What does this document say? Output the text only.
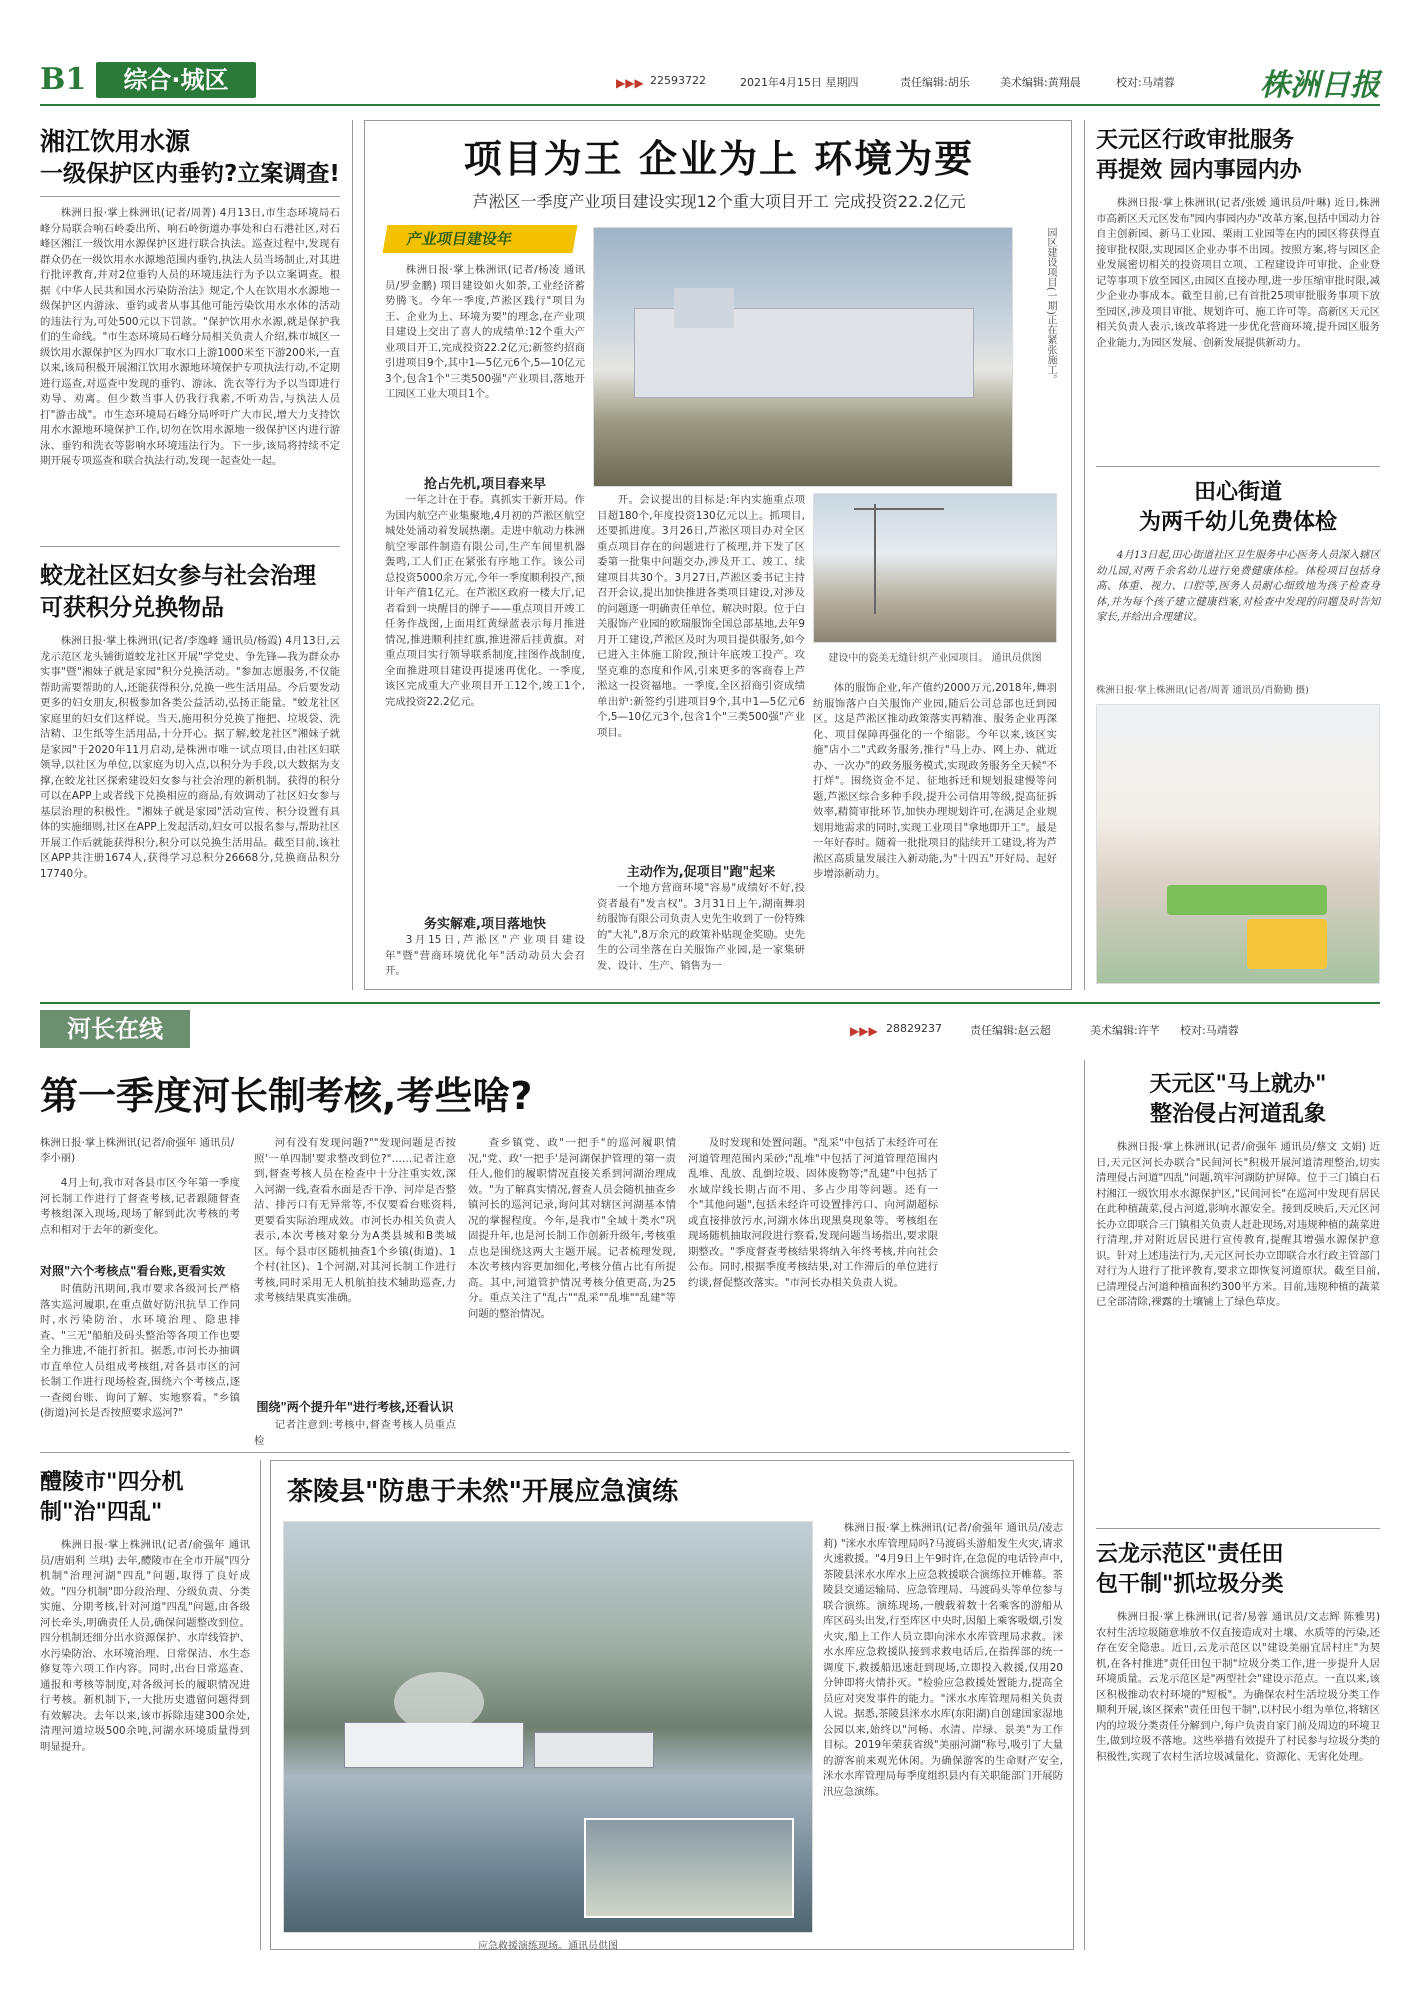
B1	综合·城区	▶▶▶ 22593722	2021年4月15日 星期四	责任编辑:胡乐	美术编辑:黄翔晨	校对:马靖蓉	株洲日报
湘江饮用水源
一级保护区内垂钓?立案调查!
株洲日报·掌上株洲讯(记者/周菁) 4月13日,市生态环境局石峰分局联合响石岭委出所、响石岭街道办事处和白石港社区,对石峰区湘江一级饮用水源保护区进行联合执法。巡查过程中,发现有群众仍在一级饮用水水源地范围内垂钓,执法人员当场制止,对其进行批评教育,并对2位垂钓人员的环境违法行为予以立案调查。根据《中华人民共和国水污染防治法》规定,个人在饮用水水源地一级保护区内游泳、垂钓或者从事其他可能污染饮用水水体的活动的违法行为,可处500元以下罚款。"保护饮用水水源,就是保护我们的生命线。"市生态环境局石峰分局相关负责人介绍,株市城区一级饮用水源保护区为四水厂取水口上游1000米至下游200米,一直以来,该局积极开展湘江饮用水源地环境保护专项执法行动,不定期进行巡查,对巡查中发现的垂钓、游泳、洗衣等行为予以当即进行劝导、劝离。但少数当事人仍我行我素,不听劝告,与执法人员打"游击战"。市生态环境局石峰分局呼吁广大市民,增大力支持饮用水水源地环境保护工作,切勿在饮用水源地一级保护区内进行游泳、垂钓和洗衣等影响水环境违法行为。下一步,该局将持续不定期开展专项巡查和联合执法行动,发现一起查处一起。
蛟龙社区妇女参与社会治理
可获积分兑换物品
株洲日报·掌上株洲讯(记者/李逸峰 通讯员/杨霞) 4月13日,云龙示范区龙头铺街道蛟龙社区开展"学党史、争先锋—我为群众办实事"暨"湘妹子就是家园"积分兑换活动。"参加志愿服务,不仅能帮助需要帮助的人,还能获得积分,兑换一些生活用品。今后要发动更多的妇女朋友,积极参加各类公益活动,弘扬正能量。"蛟龙社区家庭里的妇女们这样说。当天,施用积分兑换了拖把、垃圾袋、洗洁精、卫生纸等生活用品,十分开心。据了解,蛟龙社区"湘妹子就是家园"于2020年11月启动,是株洲市唯一试点项目,由社区妇联领导,以社区为单位,以家庭为切入点,以积分为手段,以大数据为支撑,在蛟龙社区探索建设妇女参与社会治理的新机制。获得的积分可以在APP上或者线下兑换相应的商品,有效调动了社区妇女参与基层治理的积极性。"湘妹子就是家园"活动宣传、积分设置有具体的实施细则,社区在APP上发起活动,妇女可以报名参与,帮助社区开展工作后就能获得积分,积分可以兑换生活用品。截至目前,该社区APP共注册1674人,获得学习总积分26668分,兑换商品积分17740分。
项目为王 企业为上 环境为要
芦淞区一季度产业项目建设实现12个重大项目开工 完成投资22.2亿元
产业项目建设年
株洲日报·掌上株洲讯(记者/杨凌 通讯员/罗金鹏) 项目建设如火如荼,工业经济蓄势腾飞。今年一季度,芦淞区践行"项目为王、企业为上、环境为要"的理念,在产业项目建设上交出了喜人的成绩单:12个重大产业项目开工,完成投资22.2亿元;新签约招商引进项目9个,其中1—5亿元6个,5—10亿元3个,包含1个"三类500强"产业项目,落地开工园区工业大项目1个。
园区建设项目(一期)正在紧张施工。
抢占先机,项目春来早
一年之计在于春。真抓实干新开局。作为国内航空产业集聚地,4月初的芦淞区航空城处处涌动着发展热潮。走进中航动力株洲航空零部件制造有限公司,生产车间里机器轰鸣,工人们正在紧张有序地工作。该公司总投资5000余万元,今年一季度顺利投产,预计年产值1亿元。在芦淞区政府一楼大厅,记者看到一块醒目的牌子——重点项目开竣工任务作战图,上面用红黄绿蓝表示每月推进情况,推进顺利挂红旗,推进滞后挂黄旗。对重点项目实行领导联系制度,挂图作战制度,全面推进项目建设再提速再优化。一季度,该区完成重大产业项目开工12个,竣工1个,完成投资22.2亿元。
务实解难,项目落地快
3月15日,芦淞区"产业项目建设年"暨"营商环境优化年"活动动员大会召开。
开。会议提出的目标是:年内实施重点项目超180个,年度投资130亿元以上。抓项目,还要抓进度。3月26日,芦淞区项目办对全区重点项目存在的问题进行了梳理,并下发了区委第一批集中问题交办,涉及开工、竣工、续建项目共30个。3月27日,芦淞区委书记主持召开会议,提出加快推进各类项目建设,对涉及的问题逐一明确责任单位、解决时限。位于白关服饰产业园的欧瑞服饰全国总部基地,去年9月开工建设,芦淞区及时为项目提供服务,如今已进入主体施工阶段,预计年底竣工投产。攻坚克难的态度和作风,引来更多的客商春上芦淞这一投资福地。一季度,全区招商引资成绩单出炉:新签约引进项目9个,其中1—5亿元6个,5—10亿元3个,包含1个"三类500强"产业项目。
主动作为,促项目"跑"起来
一个地方营商环境"容易"成绩好不好,投资者最有"发言权"。3月31日上午,湖南舞羽纺服饰有限公司负责人史先生收到了一份特殊的"大礼",8万余元的政策补贴现金奖励。史先生的公司坐落在白关服饰产业园,是一家集研发、设计、生产、销售为一
建设中的瓷美无缝针织产业园项目。 通讯员供图
体的服饰企业,年产值约2000万元,2018年,舞羽纺服饰落户白关服饰产业园,随后公司总部也迁到园区。这是芦淞区推动政策落实再精准、服务企业再深化、项目保障再强化的一个缩影。今年以来,该区实施"店小二"式政务服务,推行"马上办、网上办、就近办、一次办"的政务服务模式,实现政务服务全天候"不打烊"。围绕资金不足、征地拆迁和规划报建慢等问题,芦淞区综合多种手段,提升公司信用等级,提高征拆效率,精简审批环节,加快办理规划许可,在满足企业规划用地需求的同时,实现工业项目"拿地即开工"。最是一年好春时。随着一批批项目的陆续开工建设,将为芦淞区高质量发展注入新动能,为"十四五"开好局、起好步增添新动力。
天元区行政审批服务
再提效 园内事园内办
株洲日报·掌上株洲讯(记者/张媛 通讯员/叶琳) 近日,株洲市高新区天元区发布"园内事园内办"改革方案,包括中国动力谷自主创新园、新马工业园、栗雨工业园等在内的园区将获得直接审批权限,实现园区企业办事不出园。按照方案,将与园区企业发展密切相关的投资项目立项、工程建设许可审批、企业登记等事项下放至园区,由园区直接办理,进一步压缩审批时限,减少企业办事成本。截至目前,已有首批25项审批服务事项下放至园区,涉及项目审批、规划许可、施工许可等。高新区天元区相关负责人表示,该改革将进一步优化营商环境,提升园区服务企业能力,为园区发展、创新发展提供新动力。
田心街道
为两千幼儿免费体检
4月13日起,田心街道社区卫生服务中心医务人员深入辖区幼儿园,对两千余名幼儿进行免费健康体检。体检项目包括身高、体重、视力、口腔等,医务人员耐心细致地为孩子检查身体,并为每个孩子建立健康档案,对检查中发现的问题及时告知家长,并给出合理建议。
株洲日报·掌上株洲讯(记者/周菁 通讯员/肖勤勤 摄)
河长在线	▶▶▶ 28829237	责任编辑:赵云超	美术编辑:许芊 校对:马靖蓉
第一季度河长制考核,考些啥?
株洲日报·掌上株洲讯(记者/俞强年 通讯员/李小丽)
4月上旬,我市对各县市区今年第一季度河长制工作进行了督查考核,记者跟随督查考核组深入现场,现场了解到此次考核的考点和相对于去年的新变化。
对照"六个考核点"看台账,更看实效
时值防汛期间,我市要求各级河长严格落实巡河履职,在重点做好防汛抗旱工作同时,水污染防治、水环境治理、隐患排查、"三无"船舶及码头整治等各项工作也要全力推进,不能打折扣。据悉,市河长办抽调市直单位人员组成考核组,对各县市区的河长制工作进行现场检查,围绕六个考核点,逐一查阅台账、询问了解、实地察看。"乡镇(街道)河长是否按照要求巡河?"
河有没有发现问题?""发现问题是否按照'一单四制'要求整改到位?"……记者注意到,督查考核人员在检查中十分注重实效,深入河湖一线,查看水面是否干净、河岸是否整洁、排污口有无异常等,不仅要看台账资料,更要看实际治理成效。市河长办相关负责人表示,本次考核对象分为A类县城和B类城区。每个县市区随机抽查1个乡镇(街道)、1个村(社区)、1个河湖,对其河长制工作进行考核,同时采用无人机航拍技术辅助巡查,力求考核结果真实准确。
围绕"两个提升年"进行考核,还看认识
记者注意到:考核中,督查考核人员重点检
查乡镇党、政"一把手"的巡河履职情况,"党、政'一把手'是河湖保护管理的第一责任人,他们的履职情况直接关系到河湖治理成效。"为了解真实情况,督查人员会随机抽查乡镇河长的巡河记录,询问其对辖区河湖基本情况的掌握程度。今年,是我市"全域十类水"巩固提升年,也是河长制工作创新升级年,考核重点也是围绕这两大主题开展。记者梳理发现,本次考核内容更加细化,考核分值占比有所提高。其中,河道管护情况考核分值更高,为25分。重点关注了"乱占""乱采""乱堆""乱建"等问题的整治情况。
及时发现和处置问题。"乱采"中包括了未经许可在河道管理范围内采砂;"乱堆"中包括了河道管理范围内乱堆、乱放、乱倒垃圾、固体废物等;"乱建"中包括了水域岸线长期占而不用、多占少用等问题。还有一个"其他问题",包括未经许可设置排污口、向河湖超标或直接排放污水,河湖水体出现黑臭现象等。考核组在现场随机抽取河段进行察看,发现问题当场指出,要求限期整改。"季度督查考核结果将纳入年终考核,并向社会公布。同时,根据季度考核结果,对工作滞后的单位进行约谈,督促整改落实。"市河长办相关负责人说。
天元区"马上就办"
整治侵占河道乱象
株洲日报·掌上株洲讯(记者/俞强年 通讯员/蔡文 文娟) 近日,天元区河长办联合"民间河长"积极开展河道清理整治,切实清理侵占河道"四乱"问题,筑牢河湖防护屏障。位于三门镇白石村湘江一级饮用水水源保护区,"民间河长"在巡河中发现有居民在此种植蔬菜,侵占河道,影响水源安全。接到反映后,天元区河长办立即联合三门镇相关负责人赶赴现场,对违规种植的蔬菜进行清理,并对附近居民进行宣传教育,提醒其增强水源保护意识。针对上述违法行为,天元区河长办立即联合水行政主管部门对行为人进行了批评教育,要求立即恢复河道原状。截至目前,已清理侵占河道种植面积约300平方米。目前,违规种植的蔬菜已全部清除,裸露的土壤铺上了绿色草皮。
云龙示范区"责任田
包干制"抓垃圾分类
株洲日报·掌上株洲讯(记者/易蓉 通讯员/文志辉 陈雅男) 农村生活垃圾随意堆放不仅直接造成对土壤、水质等的污染,还存在安全隐患。近日,云龙示范区以"建设美丽宜居村庄"为契机,在各村推进"责任田包干制"垃圾分类工作,进一步提升人居环境质量。云龙示范区是"两型社会"建设示范点。一直以来,该区积极推动农村环境的"短板"。为确保农村生活垃圾分类工作顺利开展,该区探索"责任田包干制",以村民小组为单位,将辖区内的垃圾分类责任分解到户,每户负责自家门前及周边的环境卫生,做到垃圾不落地。这些举措有效提升了村民参与垃圾分类的积极性,实现了农村生活垃圾减量化、资源化、无害化处理。
醴陵市"四分机
制"治"四乱"
株洲日报·掌上株洲讯(记者/俞强年 通讯员/唐娟利 兰琪) 去年,醴陵市在全市开展"四分机制"治理河湖"四乱"问题,取得了良好成效。"四分机制"即分段治理、分级负责、分类实施、分期考核,针对河道"四乱"问题,由各级河长牵头,明确责任人员,确保问题整改到位。四分机制还细分出水资源保护、水岸线管护、水污染防治、水环境治理、日常保洁、水生态修复等六项工作内容。同时,出台日常巡查、通报和考核等制度,对各级河长的履职情况进行考核。新机制下,一大批历史遗留问题得到有效解决。去年以来,该市拆除违建300余处,清理河道垃圾500余吨,河湖水环境质量得到明显提升。
茶陵县"防患于未然"开展应急演练
应急救援演练现场。通讯员供图
株洲日报·掌上株洲讯(记者/俞强年 通讯员/凌志莉) "洣水水库管理局吗?马渡码头游船发生火灾,请求火速救援。"4月9日上午9时许,在急促的电话铃声中,茶陵县洣水水库水上应急救援联合演练拉开帷幕。茶陵县交通运输局、应急管理局、马渡码头等单位参与联合演练。演练现场,一艘载着数十名乘客的游船从库区码头出发,行至库区中央时,因船上乘客吸烟,引发火灾,船上工作人员立即向洣水水库管理局求救。洣水水库应急救援队接到求救电话后,在指挥部的统一调度下,救援船迅速赶到现场,立即投入救援,仅用20分钟即将火情扑灭。"检验应急救援处置能力,提高全员应对突发事件的能力。"洣水水库管理局相关负责人说。据悉,茶陵县洣水水库(东阳湖)自创建国家湿地公园以来,始终以"河畅、水清、岸绿、景美"为工作目标。2019年荣获省级"美丽河湖"称号,吸引了大量的游客前来观光休闲。为确保游客的生命财产安全,洣水水库管理局每季度组织县内有关职能部门开展防汛应急演练。
